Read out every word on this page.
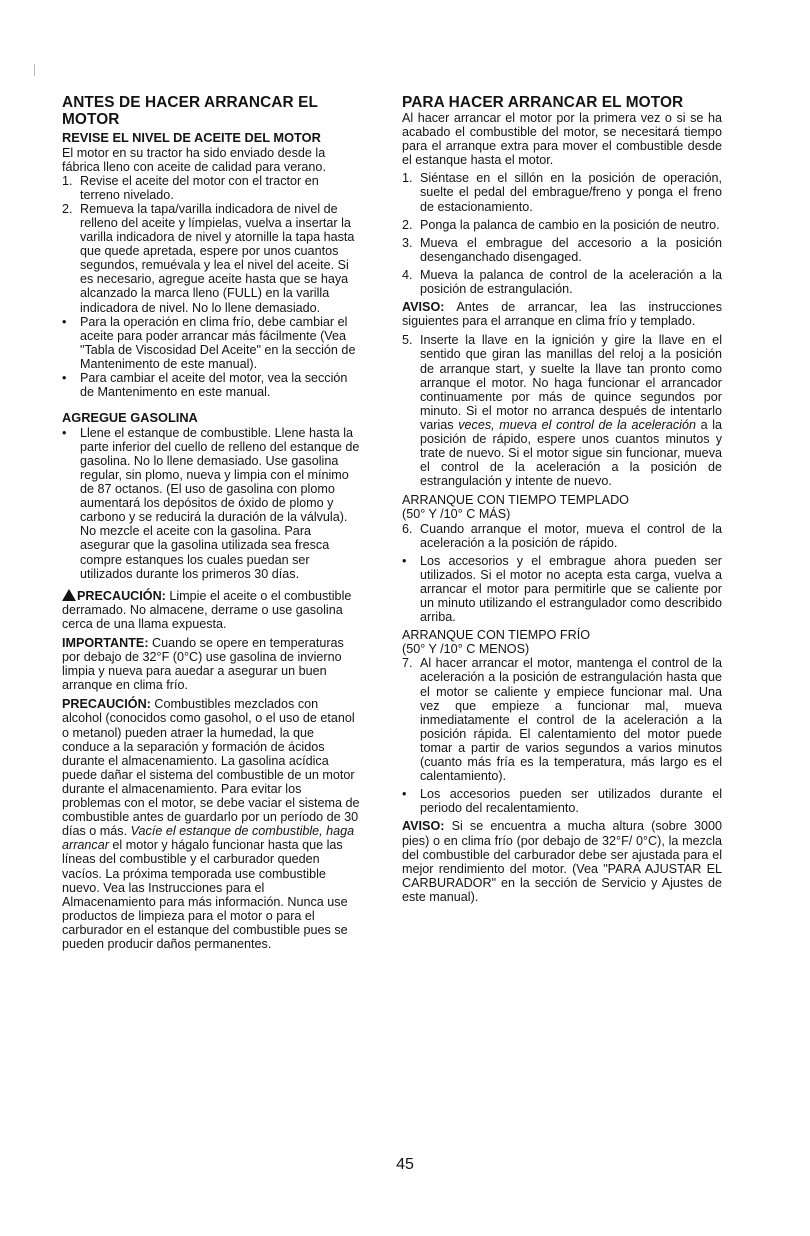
ANTES DE HACER ARRANCAR EL MOTOR
REVISE EL NIVEL DE ACEITE DEL MOTOR

El motor en su tractor ha sido enviado desde la fábrica lleno con aceite de calidad para verano.

1. Revise el aceite del motor con el tractor en terreno nivelado.
2. Remueva la tapa/varilla indicadora de nivel de relleno del aceite y límpielas, vuelva a insertar la varilla indicadora de nivel y atornille la tapa hasta que quede apretada, espere por unos cuantos segundos, remuévala y lea el nivel del aceite. Si es necesario, agregue aceite hasta que se haya alcanzado la marca lleno (FULL) en la varilla indicadora de nivel. No lo llene demasiado.
•	Para la operación en clima frío, debe cambiar el aceite para poder arrancar más fácilmente (Vea "Tabla de Viscosidad Del Aceite" en la sección de Mantenimento de este manual).
•	Para cambiar el aceite del motor, vea la sección de Mantenimento en este manual.
AGREGUE GASOLINA
•	Llene el estanque de combustible. Llene hasta la parte inferior del cuello de relleno del estanque de gasolina. No lo llene demasiado. Use gasolina regular, sin plomo, nueva y limpia con el mínimo de 87 octanos. (El uso de gasolina con plomo aumentará los depósitos de óxido de plomo y carbono y se reducirá la duración de la válvula). No mezcle el aceite con la gasolina. Para asegurar que la gasolina utilizada sea fresca compre estanques los cuales puedan ser utilizados durante los primeros 30 días.

PRECAUCIÓN: Limpie el aceite o el combustible derramado. No almacene, derrame o use gasolina cerca de una llama expuesta.

IMPORTANTE: Cuando se opere en temperaturas por debajo de 32°F (0°C) use gasolina de invierno limpia y nueva para auedar a asegurar un buen arranque en clima frío.

PRECAUCIÓN: Combustibles mezclados con alcohol (conocidos como gasohol, o el uso de etanol o metanol) pueden atraer la humedad, la que conduce a la separación y formación de ácidos durante el almacenamiento. La gasolina acídica puede dañar el sistema del combustible de un motor durante el almacenamiento. Para evitar los problemas con el motor, se debe vaciar el sistema de combustible antes de guardarlo por un período de 30 días o más. Vacíe el estanque de combustible, haga arrancar el motor y hágalo funcionar hasta que las líneas del combustible y el carburador queden vacíos. La próxima temporada use combustible nuevo. Vea las Instrucciones para el Almacenamiento para más información. Nunca use productos de limpieza para el motor o para el carburador en el estanque del combustible pues se pueden producir daños permanentes.

PARA HACER ARRANCAR EL MOTOR

Al hacer arrancar el motor por la primera vez o si se ha acabado el combustible del motor, se necesitará tiempo para el arranque extra para mover el combustible desde el estanque hasta el motor.

1. Siéntase en el sillón en la posición de operación, suelte el pedal del embrague/freno y ponga el freno de estacionamiento.
2. Ponga la palanca de cambio en la posición de neutro.
3. Mueva el embrague del accesorio a la posición desenganchado disengaged.
4. Mueva la palanca de control de la aceleración a la posición de estrangulación.

AVISO: Antes de arrancar, lea las instrucciones siguientes para el arranque en clima frío y templado.

5. Inserte la llave en la ignición y gire la llave en el sentido que giran las manillas del reloj a la posición de arranque start, y suelte la llave tan pronto como arranque el motor. No haga funcionar el arrancador continuamente por más de quince segundos por minuto. Si el motor no arranca después de intentarlo varias veces, mueva el control de la aceleración a la posición de rápido, espere unos cuantos minutos y trate de nuevo. Si el motor sigue sin funcionar, mueva el control de la aceleración a la posición de estrangulación y intente de nuevo.

ARRANQUE CON TIEMPO TEMPLADO

(50° Y /10° C MÁS)

6. Cuando arranque el motor, mueva el control de la aceleración a la posición de rápido.
•	Los accesorios y el embrague ahora pueden ser utilizados. Si el motor no acepta esta carga, vuelva a arrancar el motor para permitirle que se caliente por un minuto utilizando el estrangulador como describido arriba.

ARRANQUE CON TIEMPO FRÍO

(50° Y /10° C MENOS)

7. Al hacer arrancar el motor, mantenga el control de la aceleración a la posición de estrangulación hasta que el motor se caliente y empiece funcionar mal. Una vez que empieze a funcionar mal, mueva inmediatamente el control de la aceleración a la posición rápida. El calentamiento del motor puede tomar a partir de varios segundos a varios minutos (cuanto más fría es la temperatura, más largo es el calentamiento).
•	Los accesorios pueden ser utilizados durante el periodo del recalentamiento.

AVISO: Si se encuentra a mucha altura (sobre 3000 pies) o en clima frío (por debajo de 32°F/ 0°C), la mezcla del combustible del carburador debe ser ajustada para el mejor rendimiento del motor. (Vea "PARA AJUSTAR EL CARBURADOR" en la sección de Servicio y Ajustes de este manual).

45
